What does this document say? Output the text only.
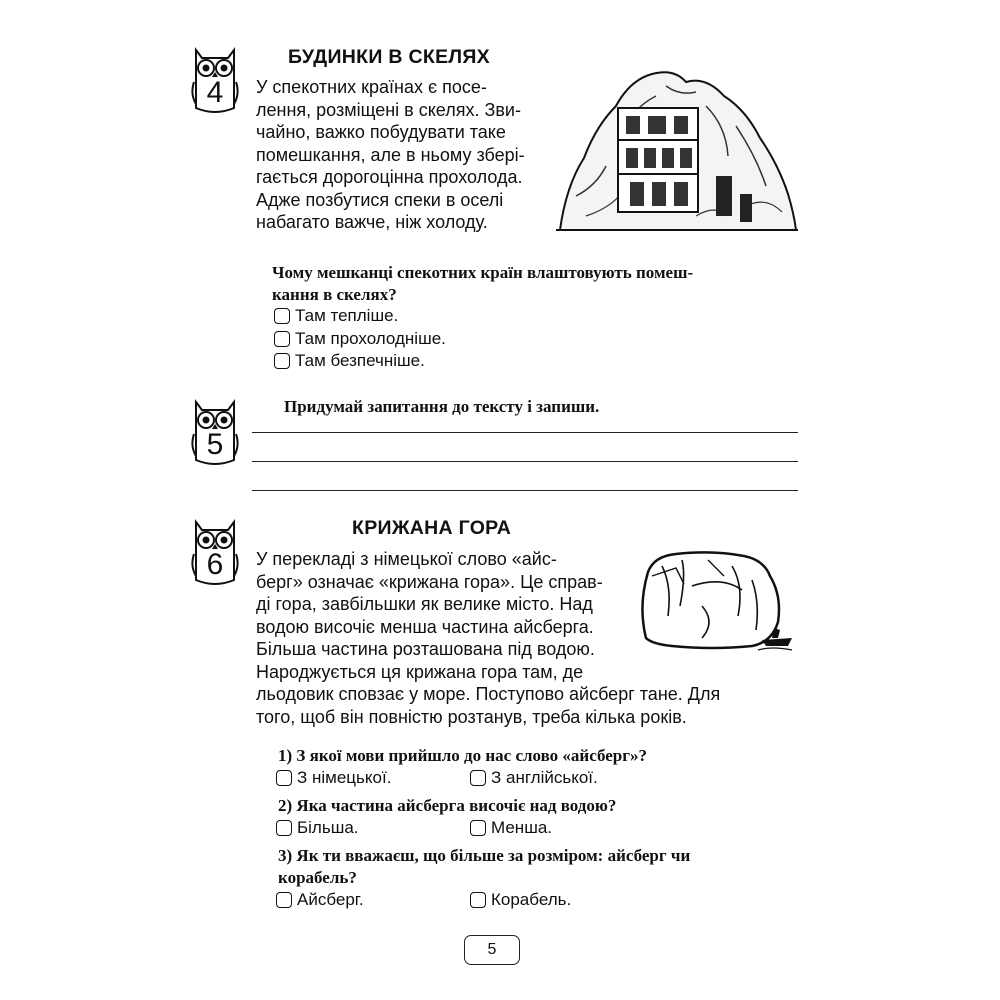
4
5
6
БУДИНКИ В СКЕЛЯХ
У спекотних країнах є посе-
лення, розміщені в скелях. Зви-
чайно, важко побудувати таке
помешкання, але в ньому зберi-
гається дорогоцінна прохолода.
Адже позбутися спеки в оселі
набагато важче, ніж холоду.
Чому мешканці спекотних країн влаштовують помеш-
кання в скелях?
Там тепліше.
Там прохолодніше.
Там безпечніше.
Придумай запитання до тексту і запиши.
КРИЖАНА ГОРА
У перекладі з німецької слово «айс-
берг» означає «крижана гора». Це справ-
ді гора, завбільшки як велике місто. Над
водою височіє менша частина айсберга.
Більша частина розташована під водою.
Народжується ця крижана гора там, де
льодовик сповзає у море. Поступово айсберг тане. Для
того, щоб він повністю розтанув, треба кілька років.
1) З якої мови прийшло до нас слово «айсберг»?
З німецької.	З англійської.
2) Яка частина айсберга височіє над водою?
Більша.	Менша.
3) Як ти вважаєш, що більше за розміром: айсберг чи
корабель?
Айсберг.	Корабель.
5
